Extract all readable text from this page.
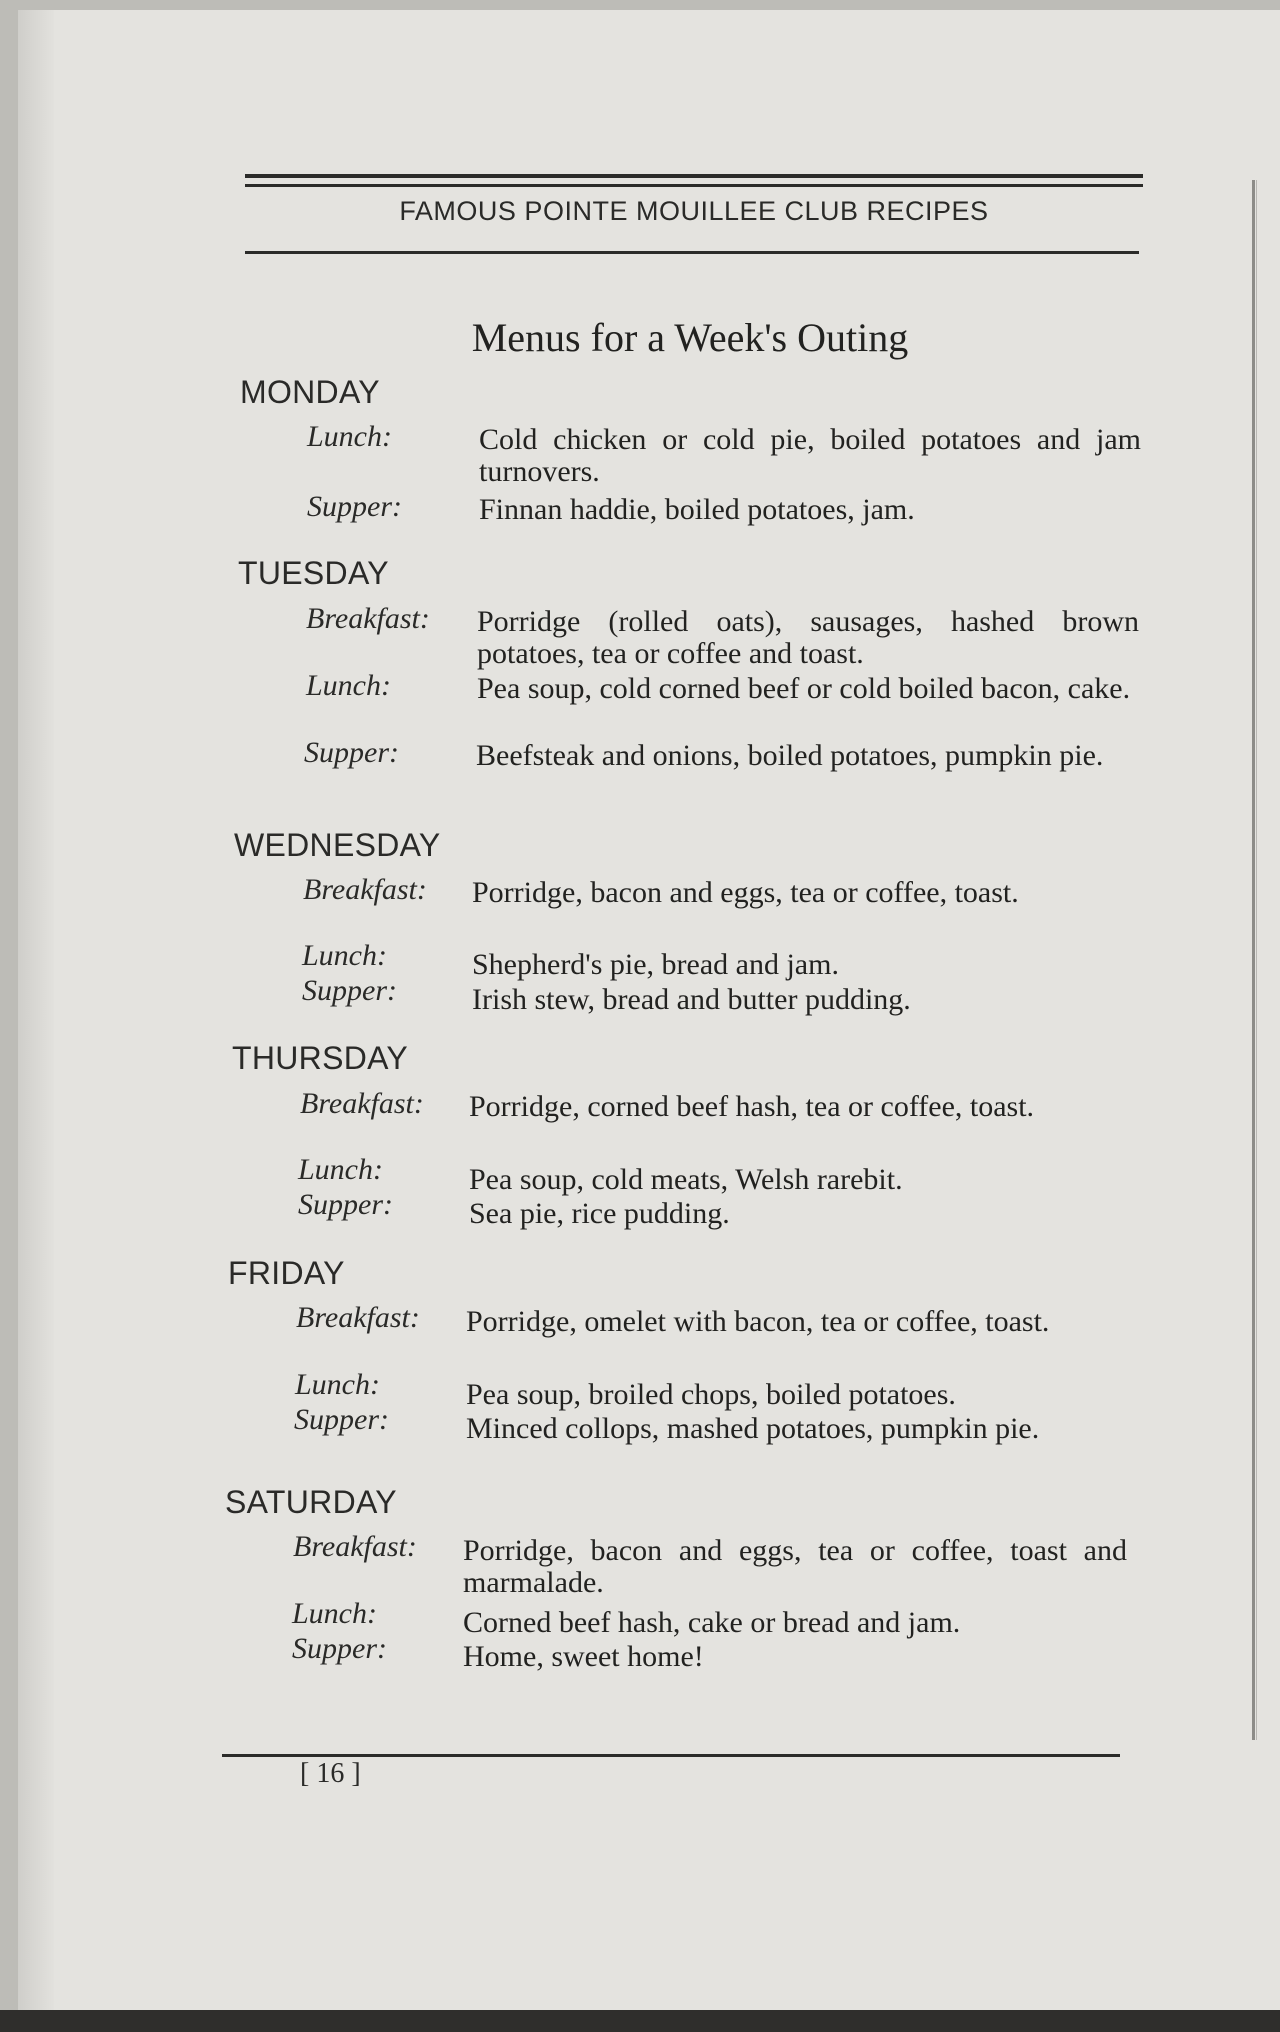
FAMOUS POINTE MOUILLEE CLUB RECIPES
Menus for a Week's Outing
MONDAY
Lunch:	Cold chicken or cold pie, boiled potatoes and jam turnovers.
Supper:	Finnan haddie, boiled potatoes, jam.
TUESDAY
Breakfast: Porridge (rolled oats), sausages, hashed brown potatoes, tea or coffee and toast.
Lunch:	Pea soup, cold corned beef or cold boiled bacon, cake.
Supper:	Beefsteak and onions, boiled potatoes, pumpkin pie.
WEDNESDAY
Breakfast: Porridge, bacon and eggs, tea or coffee, toast.
Lunch:	Shepherd's pie, bread and jam.
Supper:	Irish stew, bread and butter pudding.
THURSDAY
Breakfast: Porridge, corned beef hash, tea or coffee, toast.
Lunch:	Pea soup, cold meats, Welsh rarebit.
Supper:	Sea pie, rice pudding.
FRIDAY
Breakfast: Porridge, omelet with bacon, tea or coffee, toast.
Lunch:	Pea soup, broiled chops, boiled potatoes.
Supper:	Minced collops, mashed potatoes, pumpkin pie.
SATURDAY
Breakfast: Porridge, bacon and eggs, tea or coffee, toast and marmalade.
Lunch:	Corned beef hash, cake or bread and jam.
Supper:	Home, sweet home!
[ 16 ]
